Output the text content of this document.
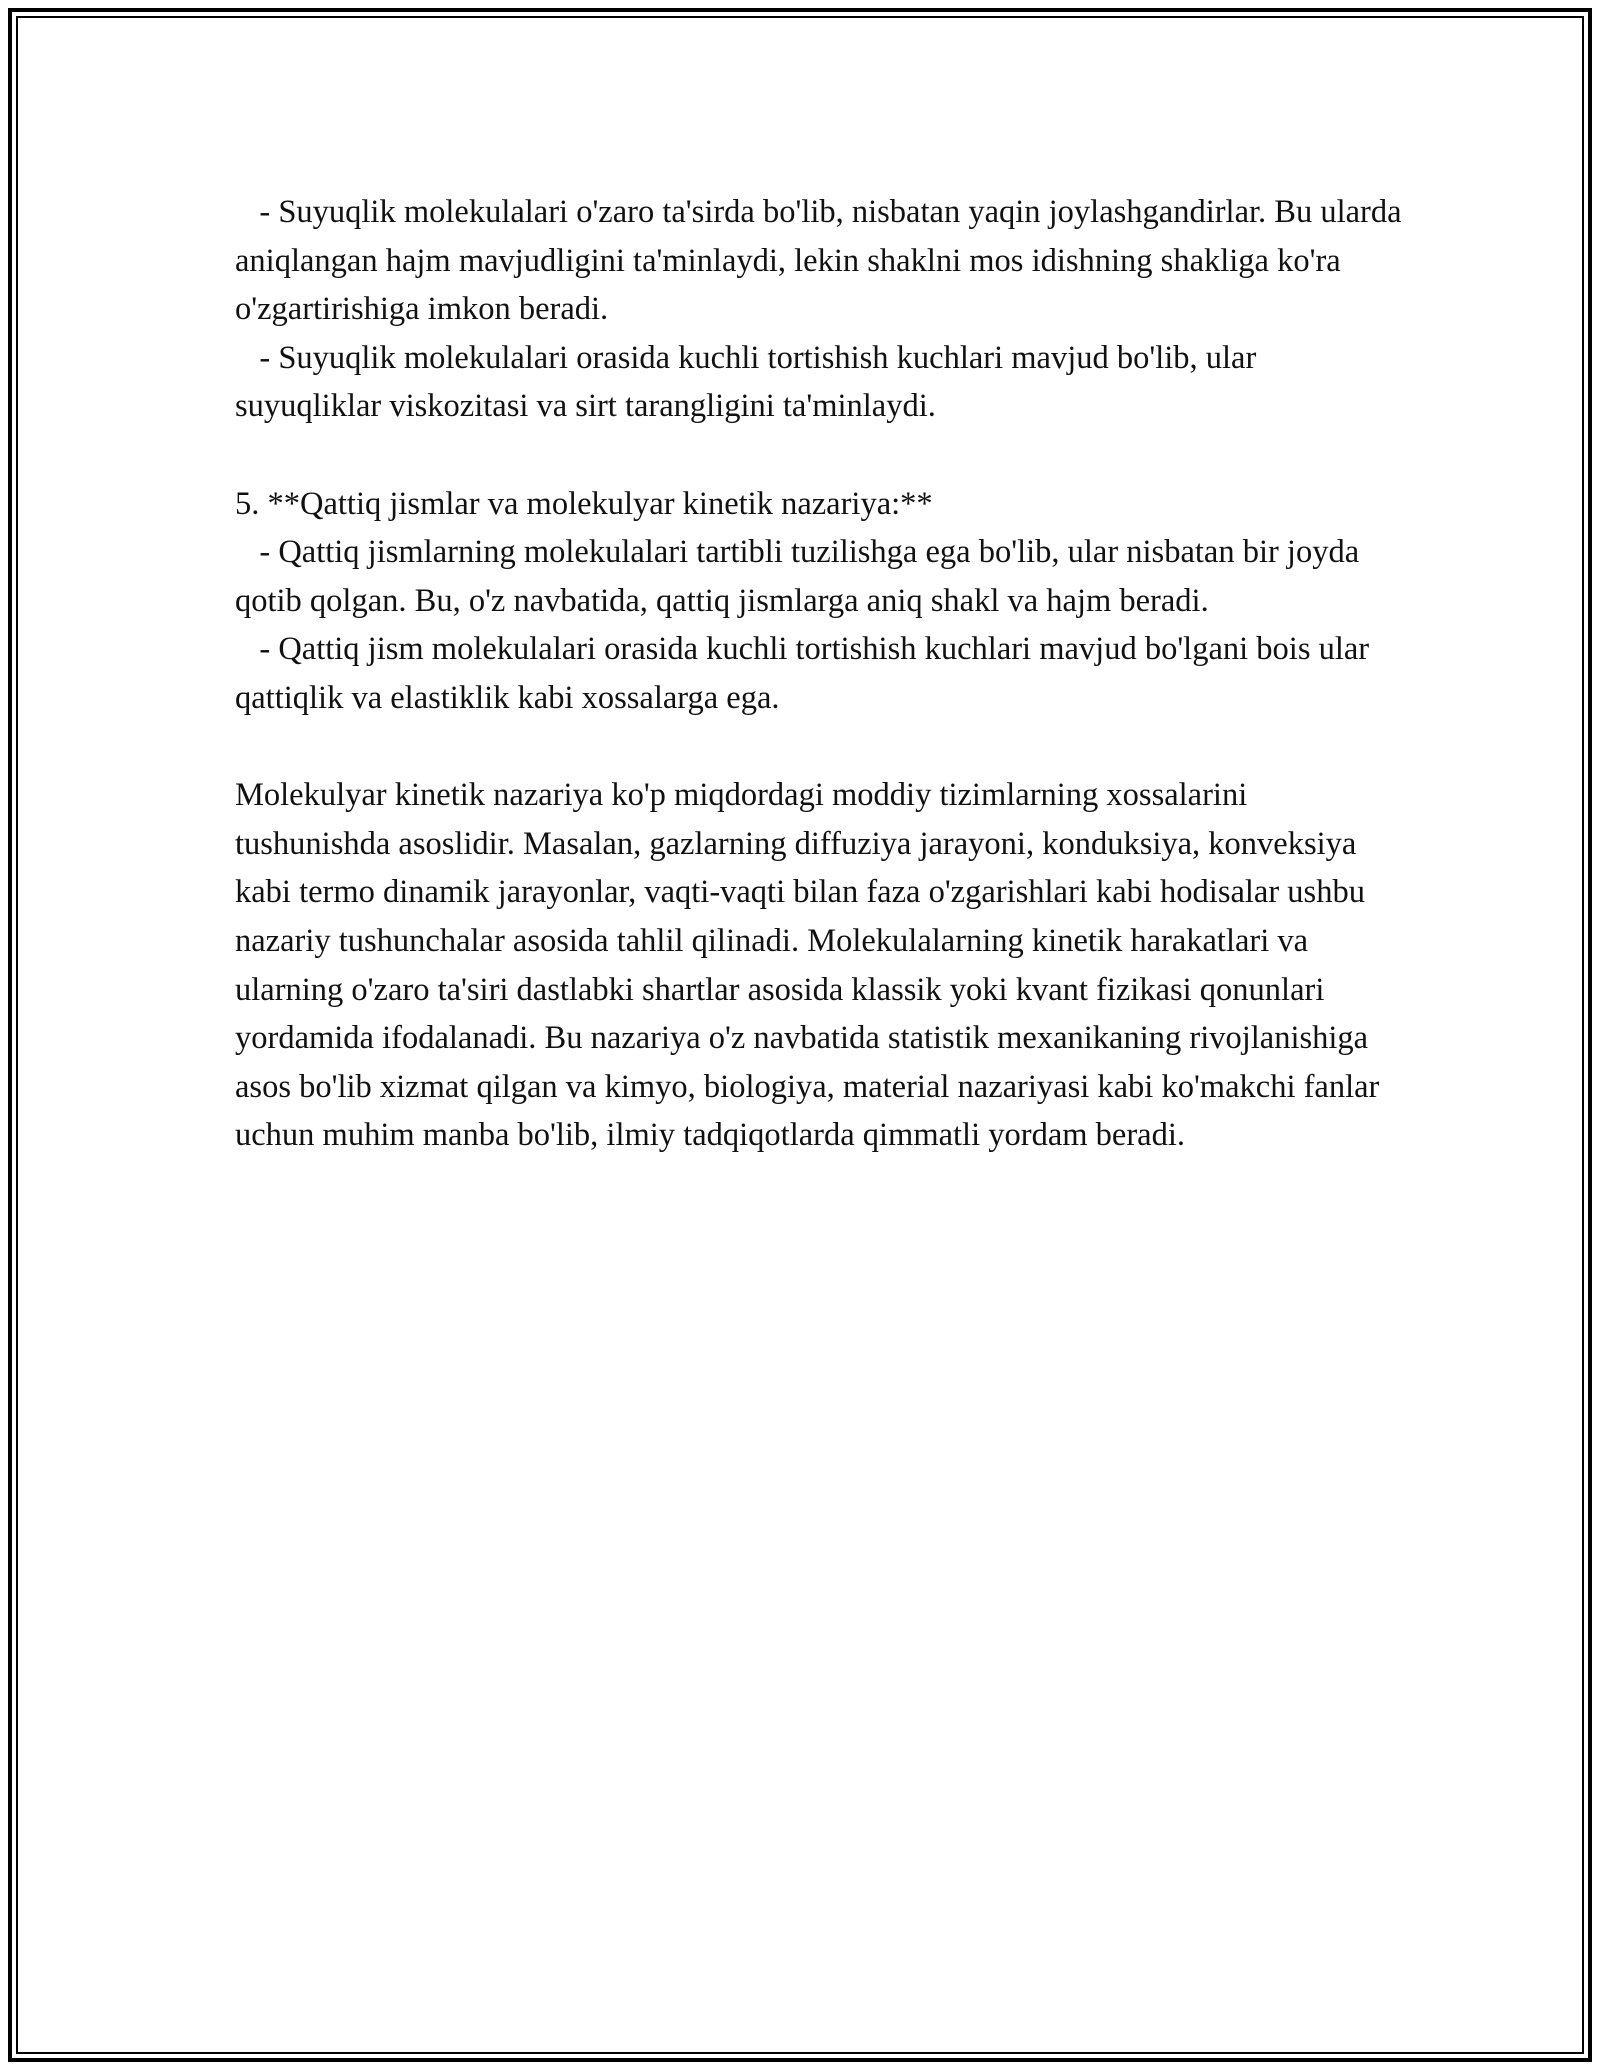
- Suyuqlik molekulalari o'zaro ta'sirda bo'lib, nisbatan yaqin joylashgandirlar. Bu ularda aniqlangan hajm mavjudligini ta'minlaydi, lekin shaklni mos idishning shakliga ko'ra o'zgartirishiga imkon beradi.

- Suyuqlik molekulalari orasida kuchli tortishish kuchlari mavjud bo'lib, ular suyuqliklar viskozitasi va sirt tarangligini ta'minlaydi.

5. **Qattiq jismlar va molekulyar kinetik nazariya:**

- Qattiq jismlarning molekulalari tartibli tuzilishga ega bo'lib, ular nisbatan bir joyda qotib qolgan. Bu, o'z navbatida, qattiq jismlarga aniq shakl va hajm beradi.

- Qattiq jism molekulalari orasida kuchli tortishish kuchlari mavjud bo'lgani bois ular qattiqlik va elastiklik kabi xossalarga ega.

Molekulyar kinetik nazariya ko'p miqdordagi moddiy tizimlarning xossalarini tushunishda asoslidir. Masalan, gazlarning diffuziya jarayoni, konduksiya, konveksiya kabi termo dinamik jarayonlar, vaqti-vaqti bilan faza o'zgarishlari kabi hodisalar ushbu nazariy tushunchalar asosida tahlil qilinadi. Molekulalarning kinetik harakatlari va ularning o'zaro ta'siri dastlabki shartlar asosida klassik yoki kvant fizikasi qonunlari yordamida ifodalanadi. Bu nazariya o'z navbatida statistik mexanikaning rivojlanishiga asos bo'lib xizmat qilgan va kimyo, biologiya, material nazariyasi kabi ko'makchi fanlar uchun muhim manba bo'lib, ilmiy tadqiqotlarda qimmatli yordam beradi.
